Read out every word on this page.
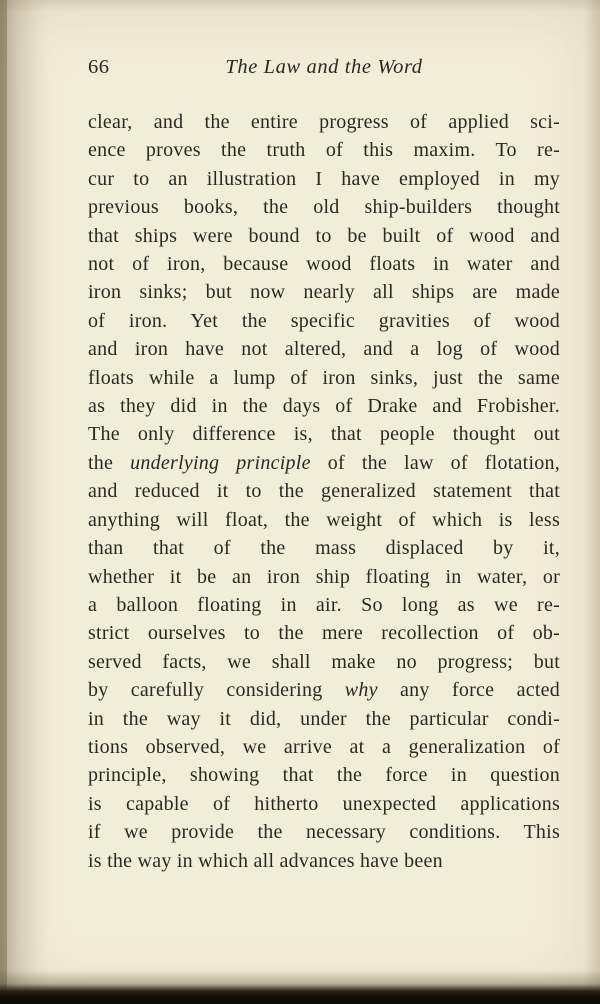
66	The Law and the Word
clear, and the entire progress of applied sci-
ence proves the truth of this maxim. To re-
cur to an illustration I have employed in my
previous books, the old ship-builders thought
that ships were bound to be built of wood and
not of iron, because wood floats in water and
iron sinks; but now nearly all ships are made
of iron. Yet the specific gravities of wood
and iron have not altered, and a log of wood
floats while a lump of iron sinks, just the same
as they did in the days of Drake and Frobisher.
The only difference is, that people thought out
the underlying principle of the law of flotation,
and reduced it to the generalized statement that
anything will float, the weight of which is less
than that of the mass displaced by it,
whether it be an iron ship floating in water, or
a balloon floating in air. So long as we re-
strict ourselves to the mere recollection of ob-
served facts, we shall make no progress; but
by carefully considering why any force acted
in the way it did, under the particular condi-
tions observed, we arrive at a generalization of
principle, showing that the force in question
is capable of hitherto unexpected applications
if we provide the necessary conditions. This
is the way in which all advances have been
